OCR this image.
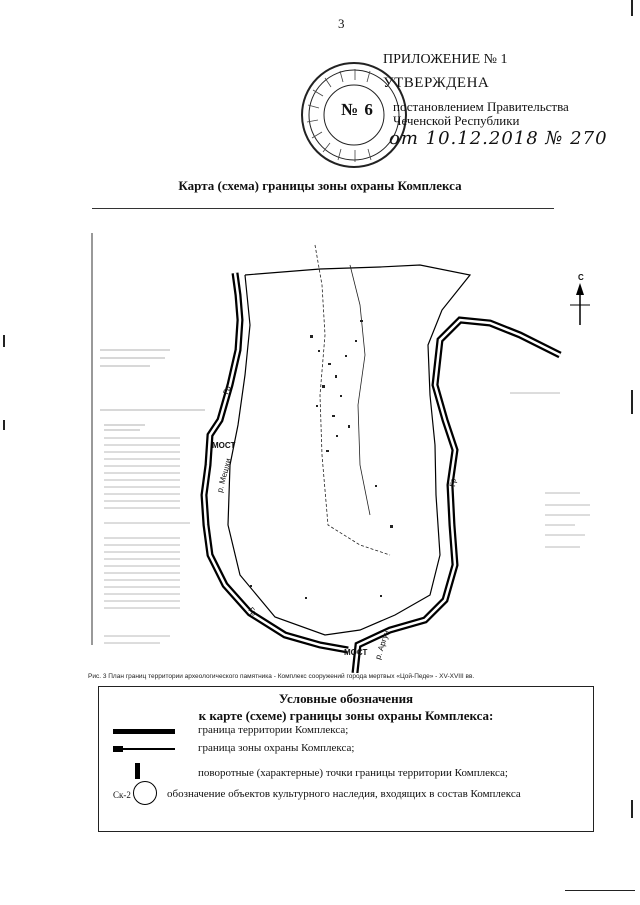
3
№ 6
ПРИЛОЖЕНИЕ № 1
УТВЕРЖДЕНА
постановлением Правительства
Чеченской Республики
от 10.12.2018 № 270
Карта (схема) границы зоны охраны Комплекса
С
МОСТ
МОСТ
р. Мешхи
р. Аргун
Гр
Гр
Гр
Рис. 3 План границ территории археологического памятника - Комплекс сооружений города мертвых «Цой-Педе» - XV-XVIII вв.
Условные обозначения
к карте (схеме) границы зоны охраны Комплекса:
граница территории Комплекса;
граница зоны охраны Комплекса;
поворотные (характерные) точки границы территории Комплекса;
Ск-2	обозначение объектов культурного наследия, входящих в состав Комплекса
